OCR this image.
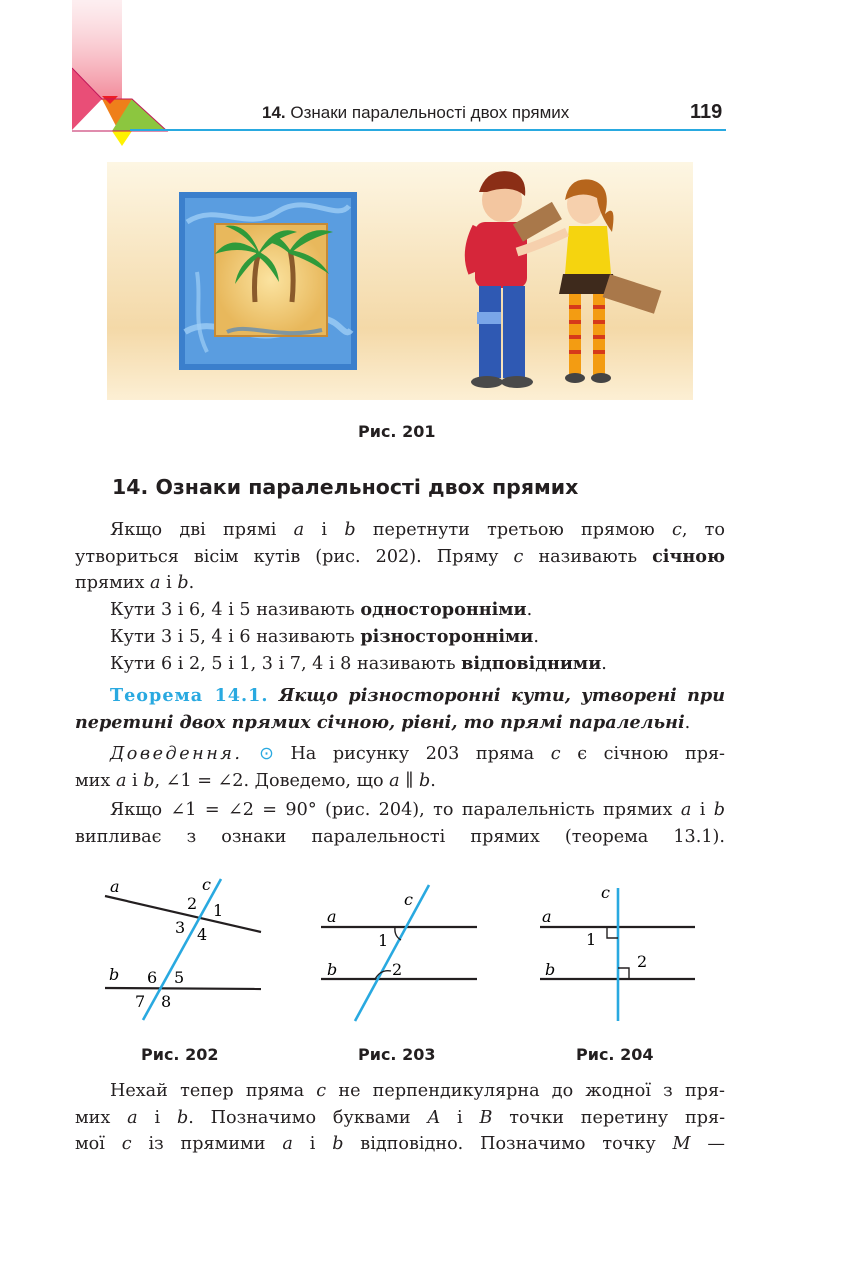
14. Ознаки паралельності двох прямих	119
Рис. 201
14. Ознаки паралельності двох прямих
Якщо дві прямі a і b перетнути третьою прямою c, то
утвориться вісім кутів (рис. 202). Пряму c називають січною
прямих a і b.
Кути 3 і 6, 4 і 5 називають односторонніми.
Кути 3 і 5, 4 і 6 називають різносторонніми.
Кути 6 і 2, 5 і 1, 3 і 7, 4 і 8 називають відповідними.
Теорема 14.1. Якщо різносторонні кути, утворені при
перетині двох прямих січною, рівні, то прямі паралельні.
Доведення. ⊙ На рисунку 203 пряма c є січною пря-
мих a і b, ∠1 = ∠2. Доведемо, що a ∥ b.
Якщо ∠1 = ∠2 = 90° (рис. 204), то паралельність прямих a і b
випливає з ознаки паралельності прямих (теорема 13.1).
a	c
b
1
2
3 4
5
6
7 8
Рис. 202
a
c
b
1
2
Рис. 203
a
c
b
1
2
Рис. 204
Нехай тепер пряма c не перпендикулярна до жодної з пря-
мих a і b. Позначимо буквами A і B точки перетину пря-
мої c із прямими a і b відповідно. Позначимо точку M —
